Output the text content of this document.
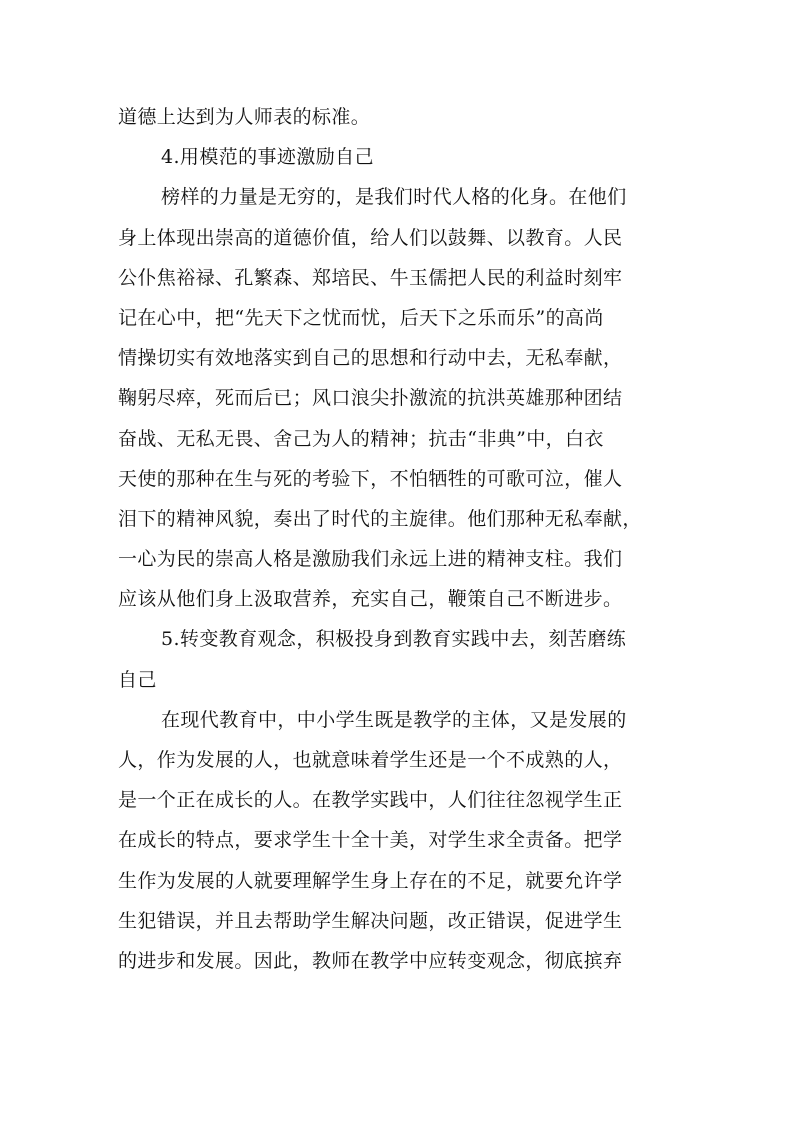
道德上达到为人师表的标准。
4.用模范的事迹激励自己
榜样的力量是无穷的，是我们时代人格的化身。在他们
身上体现出崇高的道德价值，给人们以鼓舞、以教育。人民
公仆焦裕禄、孔繁森、郑培民、牛玉儒把人民的利益时刻牢
记在心中，把“先天下之忧而忧，后天下之乐而乐”的高尚
情操切实有效地落实到自己的思想和行动中去，无私奉献，
鞠躬尽瘁，死而后已；风口浪尖扑激流的抗洪英雄那种团结
奋战、无私无畏、舍己为人的精神；抗击“非典”中，白衣
天使的那种在生与死的考验下，不怕牺牲的可歌可泣，催人
泪下的精神风貌，奏出了时代的主旋律。他们那种无私奉献，
一心为民的崇高人格是激励我们永远上进的精神支柱。我们
应该从他们身上汲取营养，充实自己，鞭策自己不断进步。
5.转变教育观念，积极投身到教育实践中去，刻苦磨练
自己
在现代教育中，中小学生既是教学的主体，又是发展的
人，作为发展的人，也就意味着学生还是一个不成熟的人，
是一个正在成长的人。在教学实践中，人们往往忽视学生正
在成长的特点，要求学生十全十美，对学生求全责备。把学
生作为发展的人就要理解学生身上存在的不足，就要允许学
生犯错误，并且去帮助学生解决问题，改正错误，促进学生
的进步和发展。因此，教师在教学中应转变观念，彻底摈弃
